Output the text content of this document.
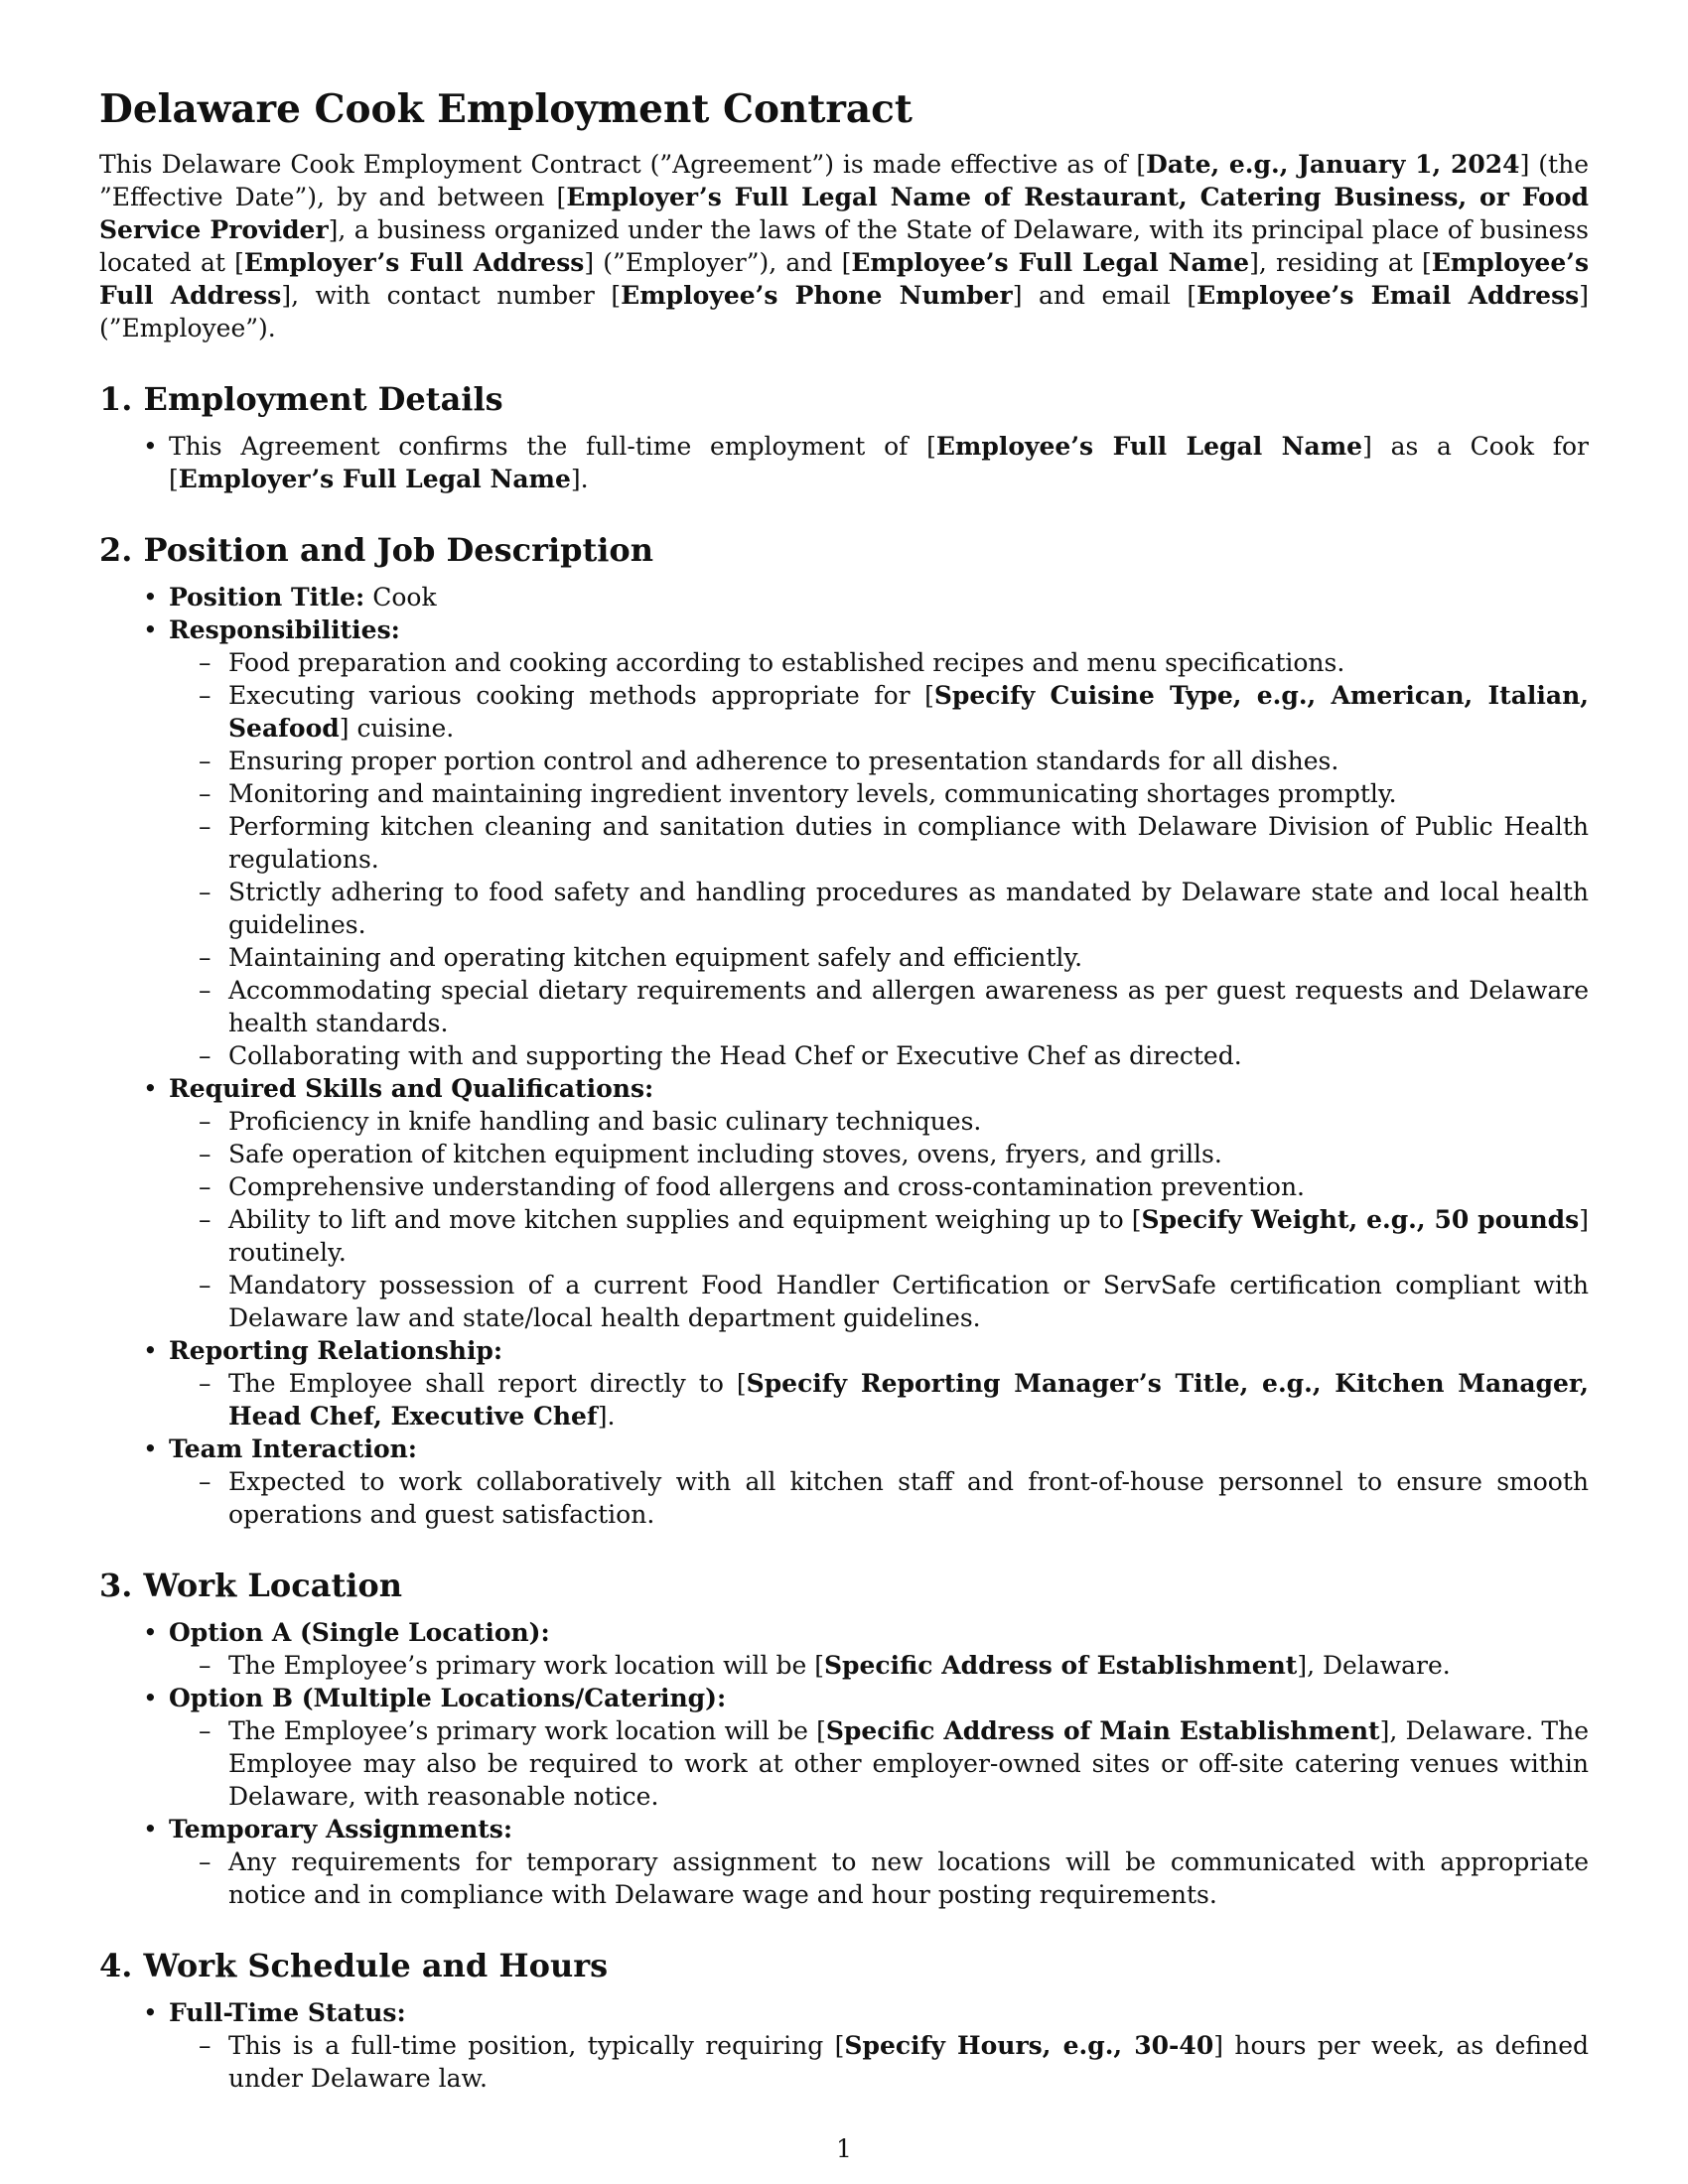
Delaware Cook Employment Contract

This Delaware Cook Employment Contract (”Agreement”) is made effective as of [Date, e.g., January 1, 2024] (the ”Effective Date”), by and between [Employer’s Full Legal Name of Restaurant, Catering Business, or Food Service Provider], a business organized under the laws of the State of Delaware, with its principal place of business located at [Employer’s Full Address] (”Employer”), and [Employee’s Full Legal Name], residing at [Employee’s Full Address], with contact number [Employee’s Phone Number] and email [Employee’s Email Address] (”Employee”).

1. Employment Details
• This Agreement confirms the full-time employment of [Employee’s Full Legal Name] as a Cook for [Employer’s Full Legal Name].
2. Position and Job Description
• Position Title: Cook
• Responsibilities:
– Food preparation and cooking according to established recipes and menu specifications.
– Executing various cooking methods appropriate for [Specify Cuisine Type, e.g., American, Italian, Seafood] cuisine.
– Ensuring proper portion control and adherence to presentation standards for all dishes.
– Monitoring and maintaining ingredient inventory levels, communicating shortages promptly.
– Performing kitchen cleaning and sanitation duties in compliance with Delaware Division of Public Health regulations.
– Strictly adhering to food safety and handling procedures as mandated by Delaware state and local health guidelines.
– Maintaining and operating kitchen equipment safely and efficiently.
– Accommodating special dietary requirements and allergen awareness as per guest requests and Delaware health standards.
– Collaborating with and supporting the Head Chef or Executive Chef as directed.
• Required Skills and Qualifications:
– Proficiency in knife handling and basic culinary techniques.
– Safe operation of kitchen equipment including stoves, ovens, fryers, and grills.
– Comprehensive understanding of food allergens and cross-contamination prevention.
– Ability to lift and move kitchen supplies and equipment weighing up to [Specify Weight, e.g., 50 pounds] routinely.
– Mandatory possession of a current Food Handler Certification or ServSafe certification compliant with Delaware law and state/local health department guidelines.
• Reporting Relationship:
– The Employee shall report directly to [Specify Reporting Manager’s Title, e.g., Kitchen Manager, Head Chef, Executive Chef].
• Team Interaction:
– Expected to work collaboratively with all kitchen staff and front-of-house personnel to ensure smooth operations and guest satisfaction.
3. Work Location
• Option A (Single Location):
– The Employee’s primary work location will be [Specific Address of Establishment], Delaware.
• Option B (Multiple Locations/Catering):
– The Employee’s primary work location will be [Specific Address of Main Establishment], Delaware. The Employee may also be required to work at other employer-owned sites or off-site catering venues within Delaware, with reasonable notice.
• Temporary Assignments:
– Any requirements for temporary assignment to new locations will be communicated with appropriate notice and in compliance with Delaware wage and hour posting requirements.
4. Work Schedule and Hours
• Full-Time Status:
– This is a full-time position, typically requiring [Specify Hours, e.g., 30-40] hours per week, as defined under Delaware law.
1
